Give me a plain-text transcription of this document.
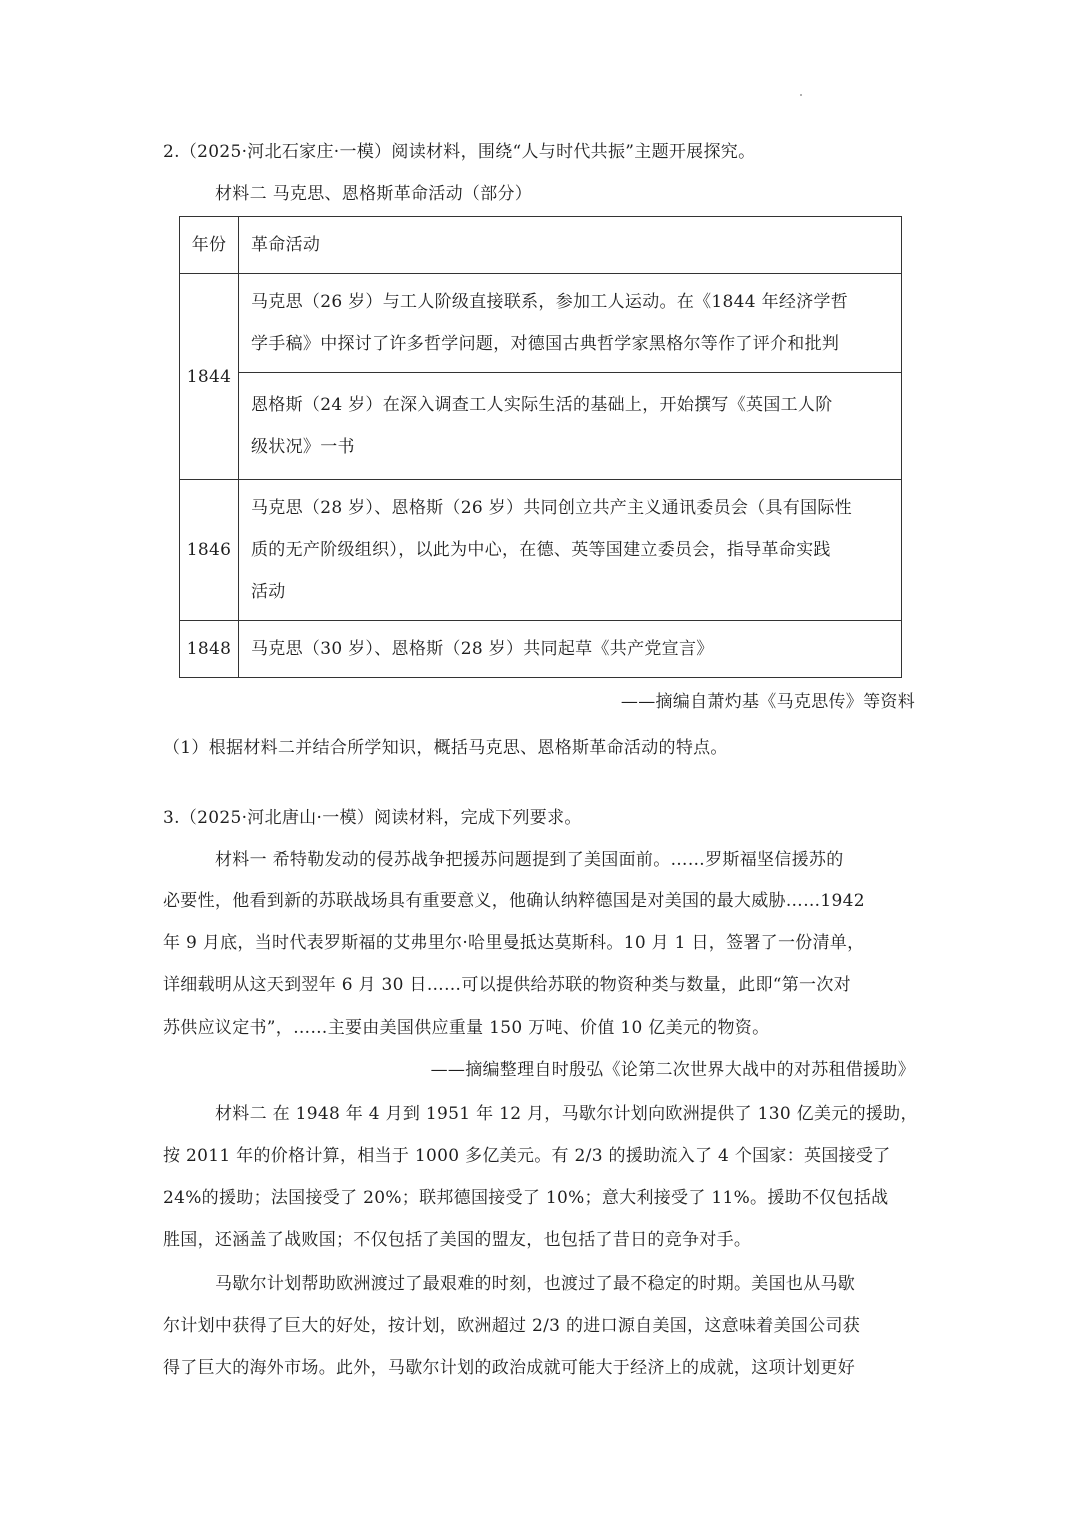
2.（2025·河北石家庄·一模）阅读材料，围绕“人与时代共振”主题开展探究。
材料二 马克思、恩格斯革命活动（部分）
年份	革命活动
1844	马克思（26 岁）与工人阶级直接联系，参加工人运动。在《1844 年经济学哲
学手稿》中探讨了许多哲学问题，对德国古典哲学家黑格尔等作了评介和批判

	恩格斯（24 岁）在深入调查工人实际生活的基础上，开始撰写《英国工人阶
级状况》一书

1846	马克思（28 岁）、恩格斯（26 岁）共同创立共产主义通讯委员会（具有国际性
质的无产阶级组织），以此为中心，在德、英等国建立委员会，指导革命实践
活动

1848	马克思（30 岁）、恩格斯（28 岁）共同起草《共产党宣言》
——摘编自萧灼基《马克思传》等资料
（1）根据材料二并结合所学知识，概括马克思、恩格斯革命活动的特点。
3.（2025·河北唐山·一模）阅读材料，完成下列要求。
材料一 希特勒发动的侵苏战争把援苏问题提到了美国面前。……罗斯福坚信援苏的
必要性，他看到新的苏联战场具有重要意义，他确认纳粹德国是对美国的最大威胁……1942
年 9 月底，当时代表罗斯福的艾弗里尔·哈里曼抵达莫斯科。10 月 1 日，签署了一份清单，
详细载明从这天到翌年 6 月 30 日……可以提供给苏联的物资种类与数量，此即“第一次对
苏供应议定书”，……主要由美国供应重量 150 万吨、价值 10 亿美元的物资。
——摘编整理自时殷弘《论第二次世界大战中的对苏租借援助》
材料二 在 1948 年 4 月到 1951 年 12 月，马歇尔计划向欧洲提供了 130 亿美元的援助，
按 2011 年的价格计算，相当于 1000 多亿美元。有 2/3 的援助流入了 4 个国家：英国接受了
24%的援助；法国接受了 20%；联邦德国接受了 10%；意大利接受了 11%。援助不仅包括战
胜国，还涵盖了战败国；不仅包括了美国的盟友，也包括了昔日的竞争对手。
马歇尔计划帮助欧洲渡过了最艰难的时刻，也渡过了最不稳定的时期。美国也从马歇
尔计划中获得了巨大的好处，按计划，欧洲超过 2/3 的进口源自美国，这意味着美国公司获
得了巨大的海外市场。此外，马歇尔计划的政治成就可能大于经济上的成就，这项计划更好
